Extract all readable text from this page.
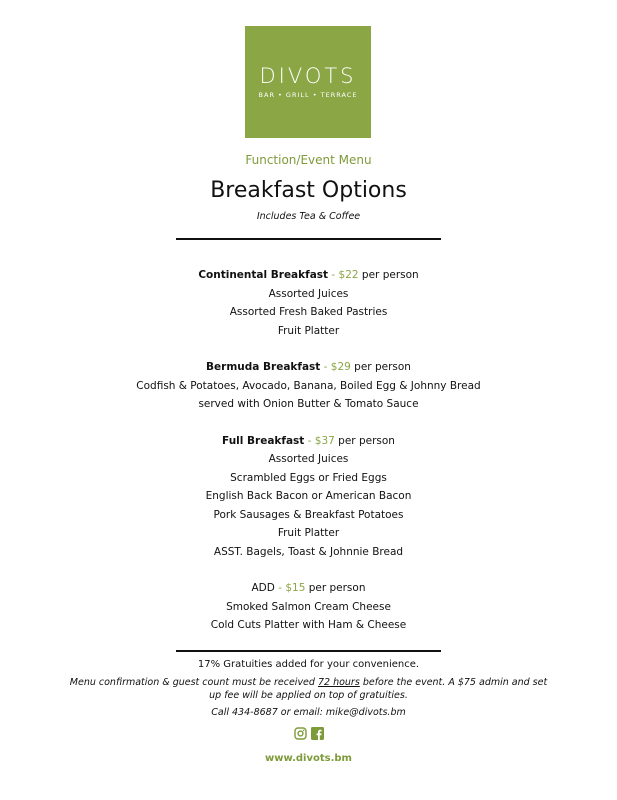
DIVOTS
BAR • GRILL • TERRACE
Function/Event Menu
Breakfast Options
Includes Tea & Coffee
Continental Breakfast - $22 per person
Assorted Juices
Assorted Fresh Baked Pastries
Fruit Platter
Bermuda Breakfast - $29 per person
Codfish & Potatoes, Avocado, Banana, Boiled Egg & Johnny Bread
served with Onion Butter & Tomato Sauce
Full Breakfast - $37 per person
Assorted Juices
Scrambled Eggs or Fried Eggs
English Back Bacon or American Bacon
Pork Sausages & Breakfast Potatoes
Fruit Platter
ASST. Bagels, Toast & Johnnie Bread
ADD - $15 per person
Smoked Salmon Cream Cheese
Cold Cuts Platter with Ham & Cheese
17% Gratuities added for your convenience.
Menu confirmation & guest count must be received 72 hours before the event. A $75 admin and set up fee will be applied on top of gratuities.
Call 434-8687 or email: mike@divots.bm
www.divots.bm
